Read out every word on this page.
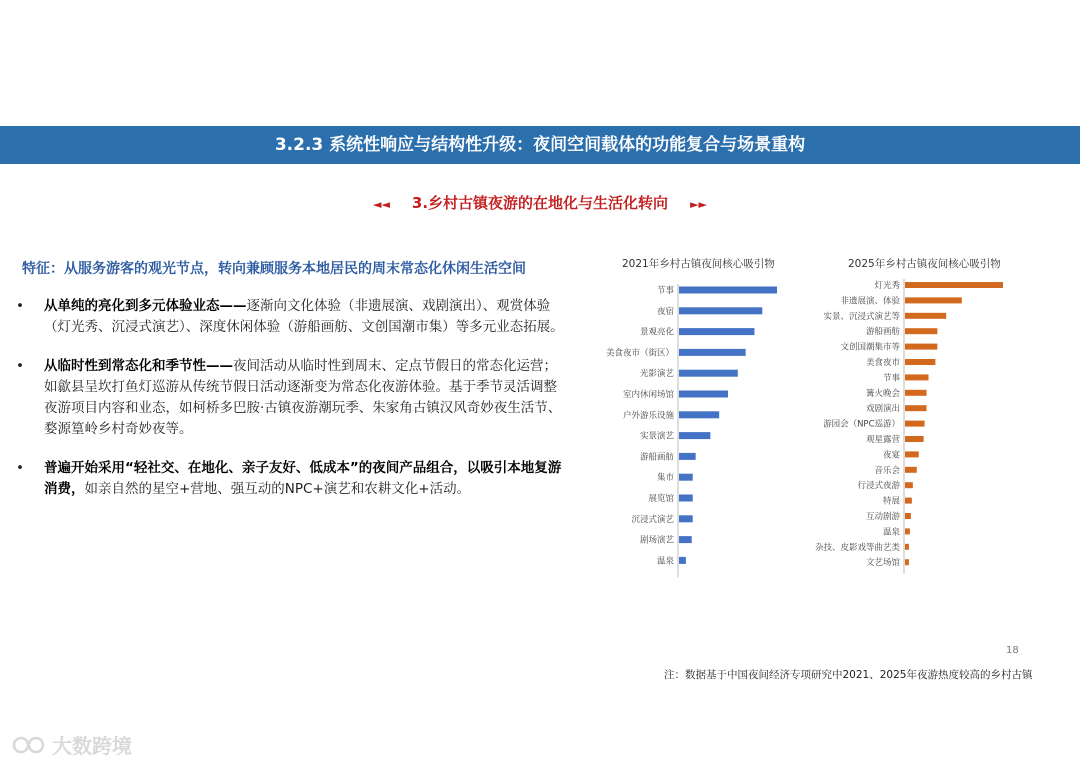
3.2.3 系统性响应与结构性升级：夜间空间载体的功能复合与场景重构
◄◄ 3.乡村古镇夜游的在地化与生活化转向 ►►
特征：从服务游客的观光节点，转向兼顾服务本地居民的周末常态化休闲生活空间
• 从单纯的亮化到多元体验业态——逐渐向文化体验（非遗展演、戏剧演出）、观赏体验（灯光秀、沉浸式演艺）、深度休闲体验（游船画舫、文创国潮市集）等多元业态拓展。
• 从临时性到常态化和季节性——夜间活动从临时性到周末、定点节假日的常态化运营；如歙县呈坎打鱼灯巡游从传统节假日活动逐渐变为常态化夜游体验。基于季节灵活调整夜游项目内容和业态，如柯桥多巴胺·古镇夜游潮玩季、朱家角古镇汉风奇妙夜生活节、婺源篁岭乡村奇妙夜等。
• 普遍开始采用“轻社交、在地化、亲子友好、低成本”的夜间产品组合，以吸引本地复游消费，如亲自然的星空+营地、强互动的NPC+演艺和农耕文化+活动。
2021年乡村古镇夜间核心吸引物
节事
夜宿
景观亮化
美食夜市（街区）
光影演艺
室内休闲场馆
户外游乐设施
实景演艺
游船画舫
集市
展览馆
沉浸式演艺
剧场演艺
温泉
2025年乡村古镇夜间核心吸引物
灯光秀
非遗展演、体验
实景、沉浸式演艺等
游船画舫
文创国潮集市等
美食夜市
节事
篝火晚会
戏剧演出
游园会（NPC巡游）
观星露营
夜宴
音乐会
行浸式夜游
特展
互动剧游
温泉
杂技、皮影戏等曲艺类
文艺场馆
18
注：数据基于中国夜间经济专项研究中2021、2025年夜游热度较高的乡村古镇
大数跨境
